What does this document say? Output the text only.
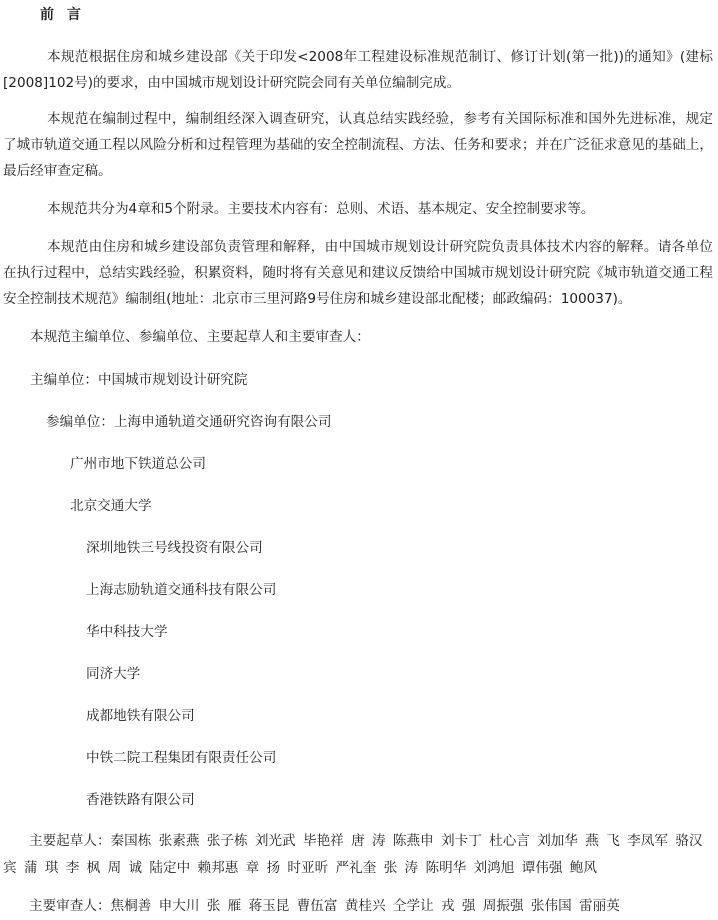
前 言

本规范根据住房和城乡建设部《关于印发<2008年工程建设标准规范制订、修订计划(第一批))的通知》(建标[2008]102号)的要求，由中国城市规划设计研究院会同有关单位编制完成。

本规范在编制过程中，编制组经深入调查研究，认真总结实践经验，参考有关国际标准和国外先进标准，规定了城市轨道交通工程以风险分析和过程管理为基础的安全控制流程、方法、任务和要求；并在广泛征求意见的基础上，最后经审查定稿。

本规范共分为4章和5个附录。主要技术内容有：总则、术语、基本规定、安全控制要求等。

本规范由住房和城乡建设部负责管理和解释，由中国城市规划设计研究院负责具体技术内容的解释。请各单位在执行过程中，总结实践经验，积累资料，随时将有关意见和建议反馈给中国城市规划设计研究院《城市轨道交通工程安全控制技术规范》编制组(地址：北京市三里河路9号住房和城乡建设部北配楼；邮政编码：100037)。

本规范主编单位、参编单位、主要起草人和主要审查人：
主编单位：中国城市规划设计研究院
参编单位：上海申通轨道交通研究咨询有限公司
广州市地下铁道总公司
北京交通大学
深圳地铁三号线投资有限公司
上海志励轨道交通科技有限公司
华中科技大学
同济大学
成都地铁有限公司
中铁二院工程集团有限责任公司
香港铁路有限公司

主要起草人：秦国栋 张素燕 张子栋 刘光武 毕艳祥 唐 涛 陈燕申 刘卡丁 杜心言 刘加华 燕 飞 李凤军 骆汉宾 蒲 琪 李 枫 周 诚 陆定中 赖邦惠 章 扬 时亚昕 严礼奎 张 涛 陈明华 刘鸿旭 谭伟强 鲍风

主要审查人：焦桐善 申大川 张 雁 蒋玉昆 曹伍富 黄桂兴 仝学让 戎 强 周振强 张伟国 雷丽英
